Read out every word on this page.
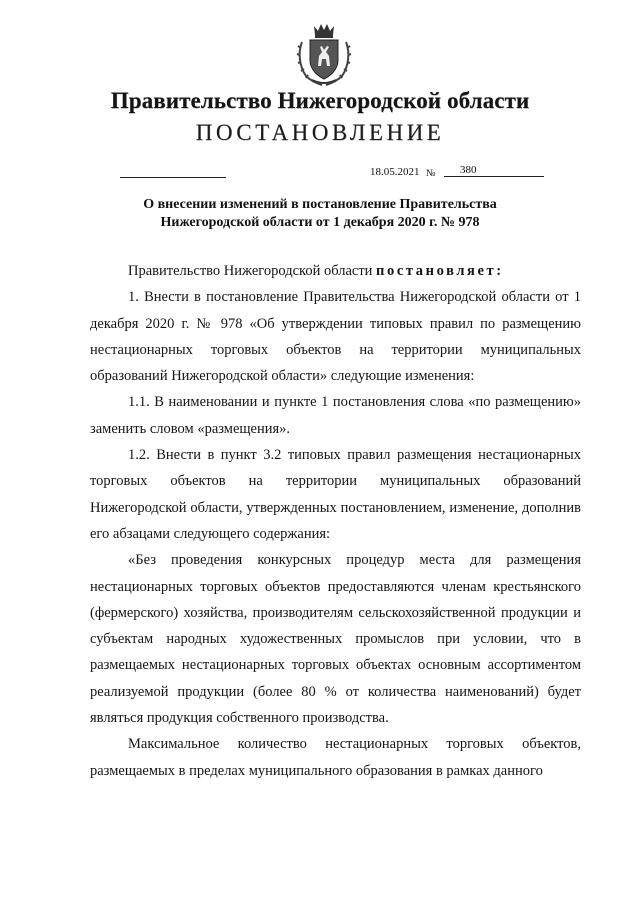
Правительство Нижегородской области
ПОСТАНОВЛЕНИЕ
18.05.2021 №	380
О внесении изменений в постановление Правительства
Нижегородской области от 1 декабря 2020 г. № 978

Правительство Нижегородской области постановляет:

1. Внести в постановление Правительства Нижегородской области от 1 декабря 2020 г. № 978 «Об утверждении типовых правил по размещению нестационарных торговых объектов на территории муниципальных образований Нижегородской области» следующие изменения:

1.1. В наименовании и пункте 1 постановления слова «по размещению» заменить словом «размещения».

1.2. Внести в пункт 3.2 типовых правил размещения нестационарных торговых объектов на территории муниципальных образований Нижегородской области, утвержденных постановлением, изменение, дополнив его абзацами следующего содержания:

«Без проведения конкурсных процедур места для размещения нестационарных торговых объектов предоставляются членам крестьянского (фермерского) хозяйства, производителям сельскохозяйственной продукции и субъектам народных художественных промыслов при условии, что в размещаемых нестационарных торговых объектах основным ассортиментом реализуемой продукции (более 80 % от количества наименований) будет являться продукция собственного производства.

Максимальное количество нестационарных торговых объектов, размещаемых в пределах муниципального образования в рамках данного
